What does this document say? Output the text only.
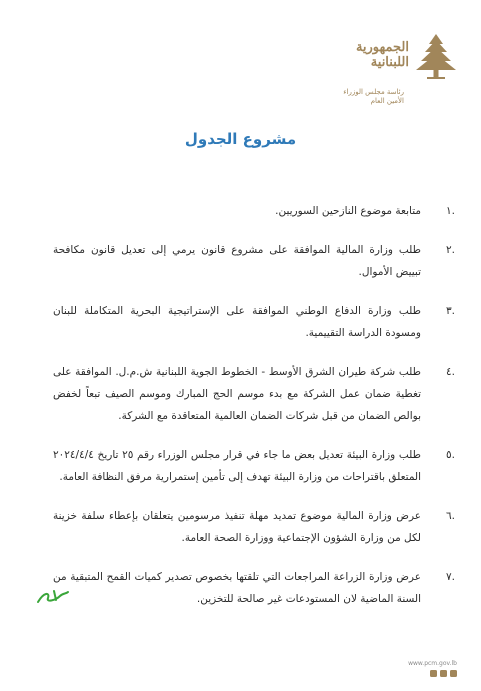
الجمهورية
اللبنانية
رئاسة مجلس الوزراء
الأمين العام
مشروع الجدول
.١
متابعة موضوع النازحين السوريين.
.٢
طلب وزارة المالية الموافقة على مشروع قانون يرمي إلى تعديل قانون مكافحة تبييض الأموال.
.٣
طلب وزارة الدفاع الوطني الموافقة على الإستراتيجية البحرية المتكاملة للبنان ومسودة الدراسة التقييمية.
.٤
طلب شركة طيران الشرق الأوسط - الخطوط الجوية اللبنانية ش.م.ل. الموافقة على تغطية ضمان عمل الشركة مع بدء موسم الحج المبارك وموسم الصيف تبعاً لخفض بوالص الضمان من قبل شركات الضمان العالمية المتعاقدة مع الشركة.
.٥
طلب وزارة البيئة تعديل بعض ما جاء في قرار مجلس الوزراء رقم ٢٥ تاريخ ٢٠٢٤/٤/٤ المتعلق باقتراحات من وزارة البيئة تهدف إلى تأمين إستمرارية مرفق النظافة العامة.
.٦
عرض وزارة المالية موضوع تمديد مهلة تنفيذ مرسومين يتعلقان بإعطاء سلفة خزينة لكل من وزارة الشؤون الإجتماعية ووزارة الصحة العامة.
.٧
عرض وزارة الزراعة المراجعات التي تلقتها بخصوص تصدير كميات القمح المتبقية من السنة الماضية لان المستودعات غير صالحة للتخزين.
www.pcm.gov.lb
